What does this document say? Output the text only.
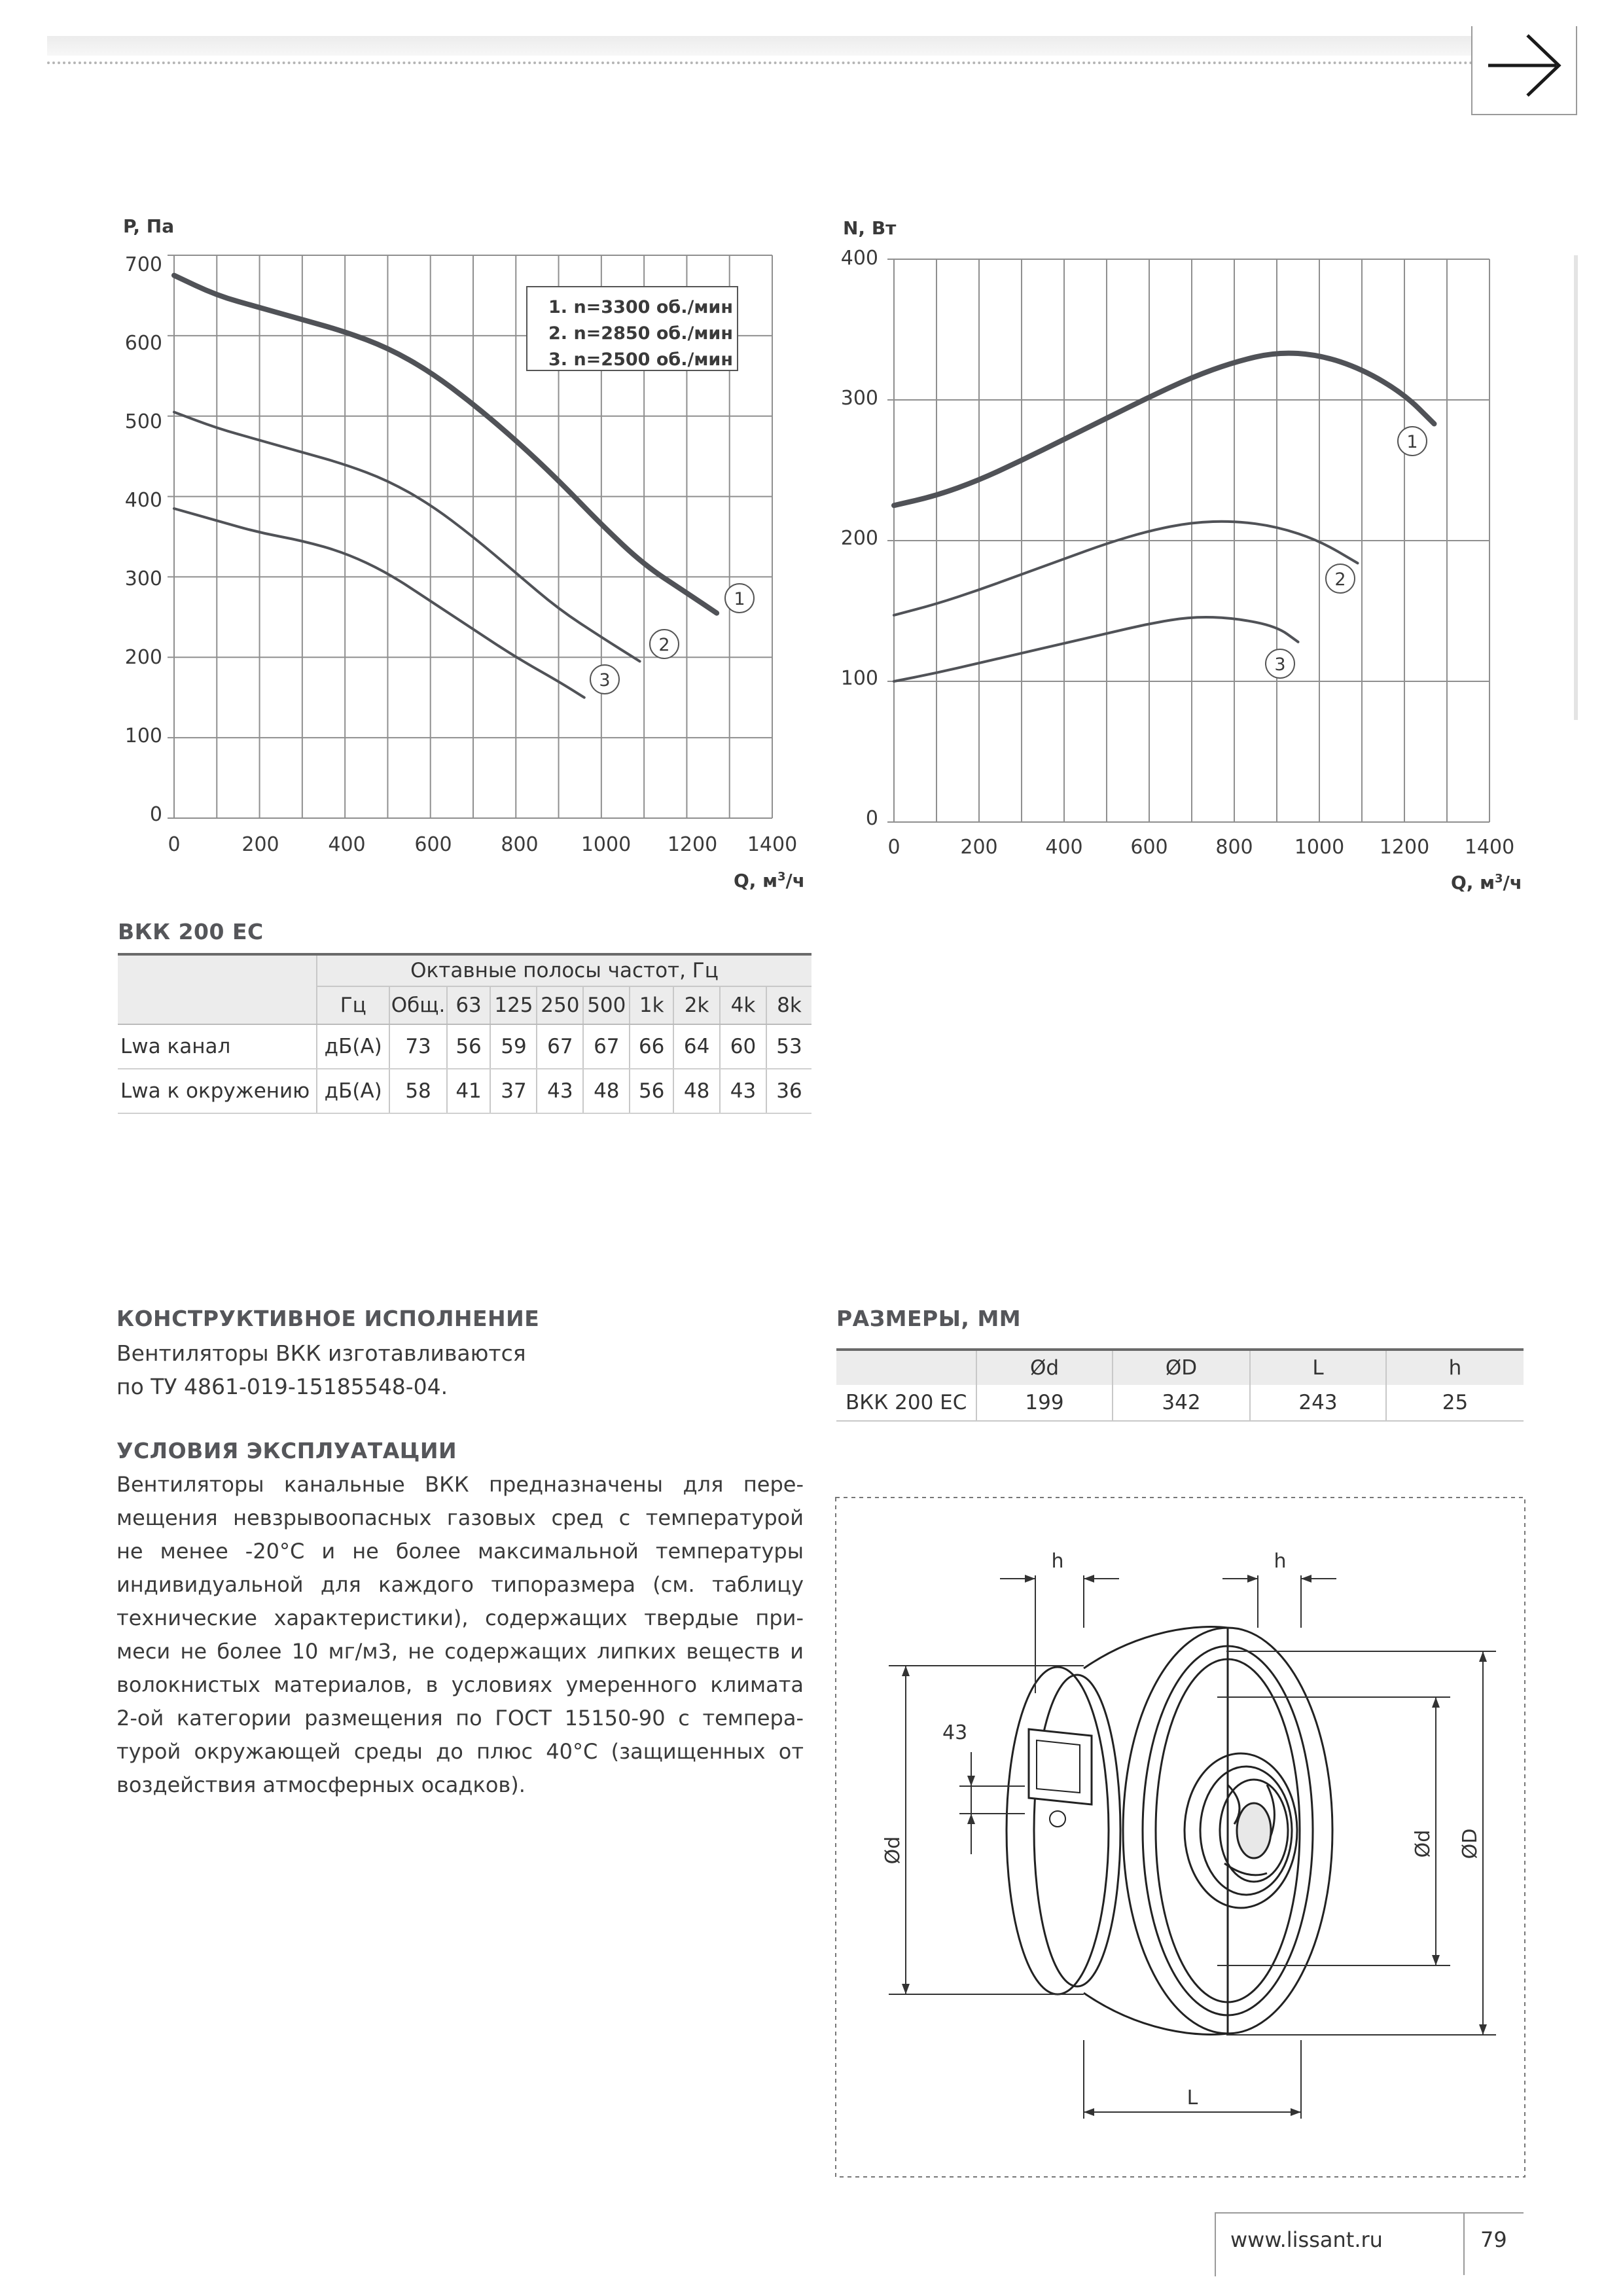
0
100
200
300
400
500
600
700
0	200 400 600 800 1000 1200 1400
P, Па
Q, $м^3/ч$
1. n=3300 об./мин
2. n=2850 об./мин
3. n=2500 об./мин
1
2
3
0
100
200
300
400
0	200 400 600 800 1000 1200 1400
N, Вт
Q, $м^3/ч$
1
2
3
ВКК 200 ЕС
	Октавные полосы частот, Гц									
	Гц	Общ.	63	125	250	500	1k	2k	4k	8k
Lwa канал	дБ(А)	73	56	59	67	67	66	64	60	53
Lwa к окружению	дБ(А)	58	41	37	43	48	56	48	43	36
КОНСТРУКТИВНОЕ ИСПОЛНЕНИЕ
Вентиляторы ВКК изготавливаются
по ТУ 4861-019-15185548-04.
УСЛОВИЯ ЭКСПЛУАТАЦИИ
Вентиляторы канальные ВКК предназначены для пере-
мещения невзрывоопасных газовых сред с температурой
не менее -20°С и не более максимальной температуры
индивидуальной для каждого типоразмера (см. таблицу
технические характеристики), содержащих твердые при-
меси не более 10 мг/м3, не содержащих липких веществ и
волокнистых материалов, в условиях умеренного климата
2-ой категории размещения по ГОСТ 15150-90 с темпера-
турой окружающей среды до плюс 40°С (защищенных от
воздействия атмосферных осадков).
РАЗМЕРЫ, ММ
	Ød	ØD	L	h
ВКК 200 ЕС	199	342	243	25
h	h
43
Ød	Ød ØD
L
www.lissant.ru	79
